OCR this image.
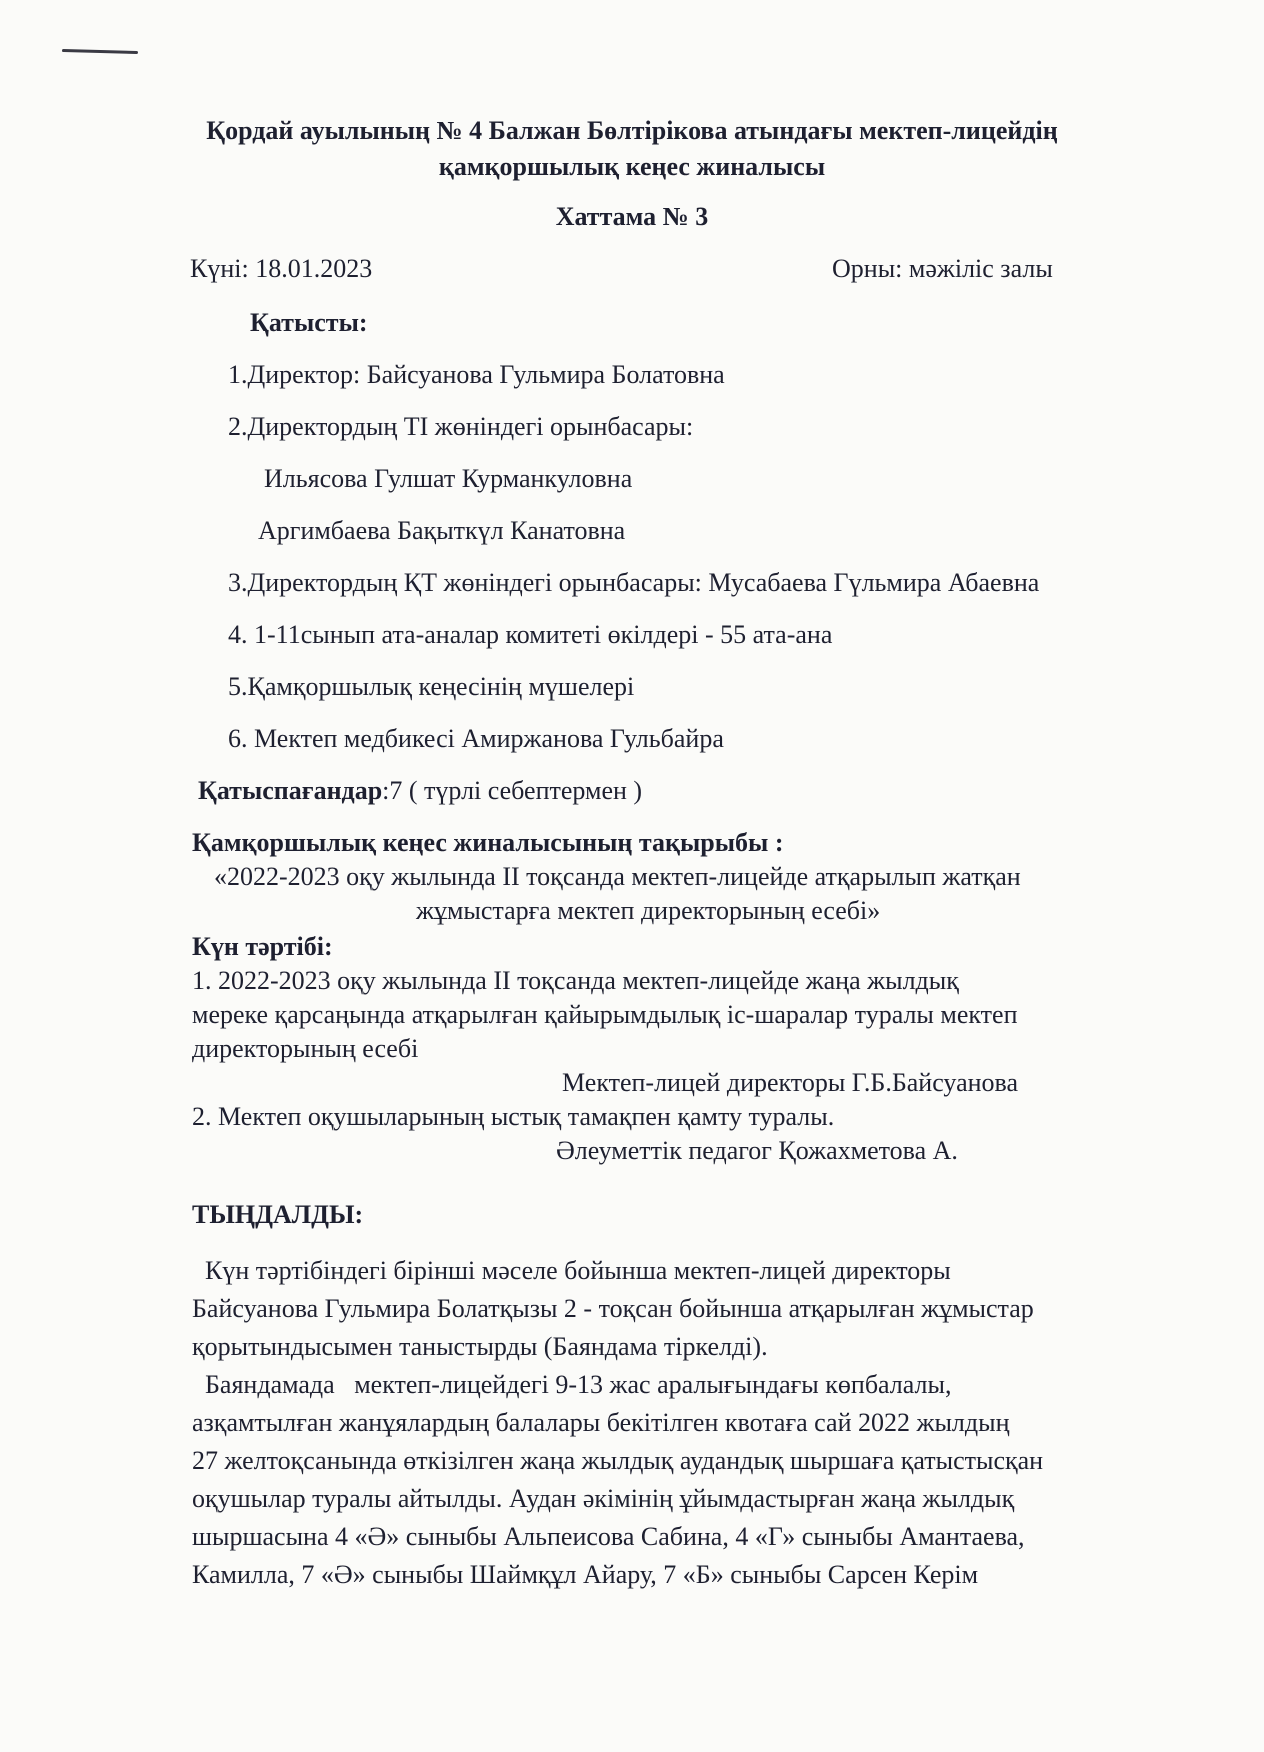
Қордай ауылының № 4 Балжан Бөлтірікова атындағы мектеп-лицейдің
қамқоршылық кеңес жиналысы
Хаттама № 3
Күні: 18.01.2023	Орны: мәжіліс залы
Қатысты:
1.Директор: Байсуанова Гульмира Болатовна
2.Директордың ТІ жөніндегі орынбасары:
Ильясова Гулшат Курманкуловна
Аргимбаева Бақыткүл Канатовна
3.Директордың ҚТ жөніндегі орынбасары: Мусабаева Гүльмира Абаевна
4. 1-11сынып ата-аналар комитеті өкілдері - 55 ата-ана
5.Қамқоршылық кеңесінің мүшелері
6. Мектеп медбикесі Амиржанова Гульбайра
Қатыспағандар:7 ( түрлі себептермен )
Қамқоршылық кеңес жиналысының тақырыбы :
«2022-2023 оқу жылында ІІ тоқсанда мектеп-лицейде атқарылып жатқан
жұмыстарға мектеп директорының есебі»
Күн тәртібі:
1. 2022-2023 оқу жылында ІІ тоқсанда мектеп-лицейде жаңа жылдық
мереке қарсаңында атқарылған қайырымдылық іс-шаралар туралы мектеп
директорының есебі
Мектеп-лицей директоры Г.Б.Байсуанова
2. Мектеп оқушыларының ыстық тамақпен қамту туралы.
Әлеуметтік педагог Қожахметова А.
ТЫҢДАЛДЫ:
Күн тәртібіндегі бірінші мәселе бойынша мектеп-лицей директоры
Байсуанова Гульмира Болатқызы 2 - тоқсан бойынша атқарылған жұмыстар
қорытындысымен таныстырды (Баяндама тіркелді).
Баяндамада   мектеп-лицейдегі 9-13 жас аралығындағы көпбалалы,
азқамтылған жанұялардың балалары бекітілген квотаға сай 2022 жылдың
27 желтоқсанында өткізілген жаңа жылдық аудандық шыршаға қатыстысқан
оқушылар туралы айтылды. Аудан әкімінің ұйымдастырған жаңа жылдық
шыршасына 4 «Ә» сыныбы Альпеисова Сабина, 4 «Г» сыныбы Амантаева,
Камилла, 7 «Ә» сыныбы Шаймқұл Айару, 7 «Б» сыныбы Сарсен Керім
